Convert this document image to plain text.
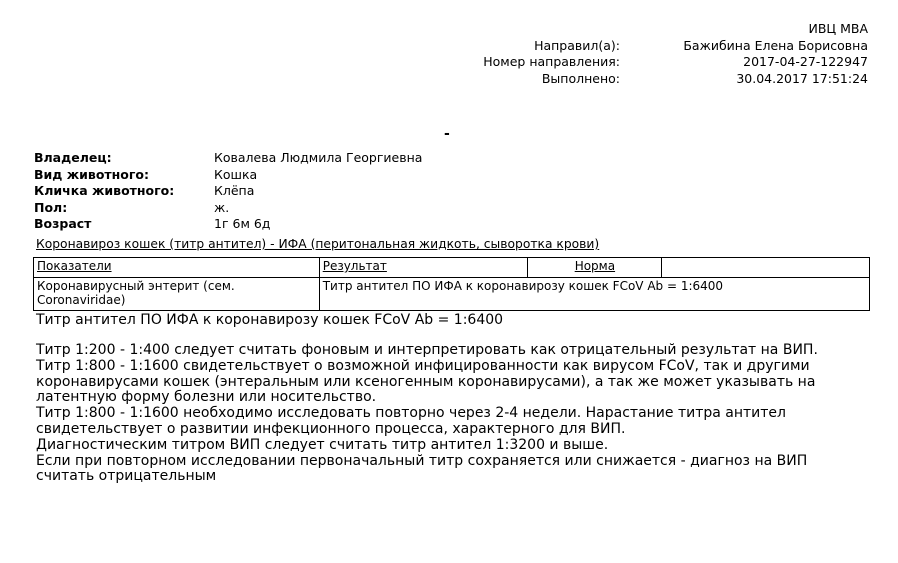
ИВЦ МВА
Направил(а):	Бажибина Елена Борисовна
Номер направления:	2017-04-27-122947
Выполнено:	30.04.2017 17:51:24
-
Владелец:	Ковалева Людмила Георгиевна
Вид животного:	Кошка
Кличка животного:	Клёпа
Пол:	ж.
Возраст	1г 6м 6д
Коронавироз кошек (титр антител) - ИФА (перитональная жидкоть, сыворотка крови)
Показатели	Результат	Норма	
Коронавирусный энтерит (сем. Coronaviridae)	Титр антител ПО ИФА к коронавирозу кошек FCoV Ab = 1:6400		
Титр антител ПО ИФА к коронавирозу кошек FCoV Ab = 1:6400

Титр 1:200 - 1:400 следует считать фоновым и интерпретировать как отрицательный результат на ВИП.

Титр 1:800 - 1:1600 свидетельствует о возможной инфицированности как вирусом FCoV, так и другими коронавирусами кошек (энтеральным или ксеногенным коронавирусами), а так же может указывать на латентную форму болезни или носительство.

Титр 1:800 - 1:1600 необходимо исследовать повторно через 2-4 недели. Нарастание титра антител свидетельствует о развитии инфекционного процесса, характерного для ВИП.

Диагностическим титром ВИП следует считать титр антител 1:3200 и выше.

Если при повторном исследовании первоначальный титр сохраняется или снижается - диагноз на ВИП считать отрицательным
